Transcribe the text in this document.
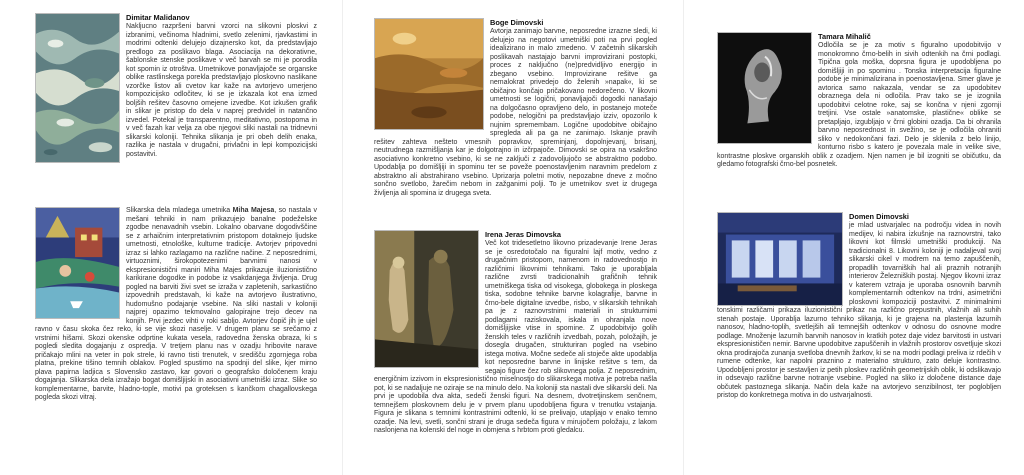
Dimitar Malidanov
Nakljucno razpršeni barvni vzorci na slikovni ploskvi z izbranimi, večinoma hladnimi, svetlo zelenimi, rjavkastimi in modrimi odtenki delujejo dizajnersko kot, da predstavljajo predlogo za poslikavo blaga. Asociacija na dekorativne, šablonske stenske poslikave v več barvah se mi je porodila kot spomin iz otroštva. Umetnikove ponavljajoče se organske oblike rastlinskega porekla predstavljajo ploskovno naslikane vzorčke listov ali cvetov kar kaže na avtorjevo umerjeno kompozicijsko odločitev, ki se je izkazala kot ena izmed boljših rešitev časovno omejene izvedbe. Kot izkušen grafik in slikar je pristop do dela v naprej predvidel in natančno izvedel. Potekal je transparentno, meditativno, postopoma in v več fazah kar velja za obe njegovi sliki nastali na tridnevni slikarski koloniji. Tehnika slikanja je pri obeh delih enaka, razlika je nastala v drugačni, privlačni in lepi kompozicijski postavitvi.
Slikarska dela mladega umetnika Miha Majesa, so nastala v mešani tehniki in nam prikazujejo banalne podeželske zgodbe nenavadnih vsebin. Lokalno obarvane dogodivščine se z arhaičnim interpretativnim pristopom dotaknejo ljudske umetnosti, etnološke, kulturne tradicije. Avtorjev pripovedni izraz si lahko razlagamo na različne načine. Z neposrednimi, virtuoznimi, širokopotezenimi barvnimi nanosi v ekspresionistični maniri Miha Majes prikazuje iluzionistično karikirane dogodke in podobe iz vsakdanjega življenja. Drug pogled na barviti živi svet se izraža v zapletenih, sarkastično izpovednih predstavah, ki kaže na avtorjevo ilustrativno, hudomušno podajanje vsebine. Na sliki nastali v koloniji najprej opazimo tekmovalno galopirajne trejo decev na konjih. Prvi jezdec vihti v roki sabljo. Avtorjev čopič jih je ujel ravno v času skoka čez reko, ki se vije skozi naselje. V drugem planu se srečamo z vrstnimi hišami. Skozi okenske odprtine kukata vesela, radovedna ženska obraza, ki s pogledi sledita dogajanju z ospredja. V tretjem planu nas v ozadju hribovite narave pričakajo mlini na veter in pok strele, ki ravno tisti trenutek, v središču zgornjega roba platna, prekine tišino temnih oblakov. Pogled spustimo na spodnji del slike, kjer mirno plava papirna ladjica s Slovensko zastavo, kar govori o geografsko določenem kraju dogajanja. Slikarska dela izražajo bogat domišljijski in asociativni umetniški izraz. Slike so komplementarne, barvite, hladno-tople, motivi pa groteksen s kančkom chagallovskega pogleda skozi vitraj.
Boge Dimovski
Avtorja zanimajo barvne, neposredne izrazne sledi, ki delujejo na negotovi umetniški poti na prvi pogled idealizirano in malo zmedeno. V začetnih slikarskih poslikavah nastajajo barvni improvizirani postopki, proces z naključno (ne)predvidljivo energijo in zbegano vsebino. Improvizirane rešitve ga nemalokrat privedejo do želenih »napak«, ki se običajno končajo pričakovano nedorečeno. V likovni umetnosti se logični, ponavljajoči dogodki nanašajo na dolgočasno opravljeno delo, in postanejo motеče podobe, nelogični pa predstavljajo izziv, opozorilo k nujnim spremembam. Logične upodobitve običajno spregleda ali pa ga ne zanimajo. Iskanje pravih rešitev zahteva nešteto vmesnih popravkov, spreminjanj, dopolnjevanj, brisanj, neutrudnega razmišljanja kar je dolgotrajno in izčrpajoče. Dimovski se opira na vsakršno asociativno konkretno vsebino, ki se ne zaključi z zadovoljujočo se abstraktno podobo. Upodablja po domišljiji in spominu ter se poveže poenostavljenim naravnim predelom z abstraktno ali abstrahirano vsebino. Uprizarja poletni motiv, nepozabne dneve z močno sončno svetlobo, žarečim nebom in zažganimi polji. To je umetnikov svet iz drugega življenja ali spomina iz drugega sveta.
Irena Jeras Dimovska
Več kot tridesetletno likovno prizadevanje Irene Jeras se je osredotočalo na figuralni lajf motiv, vedno z drugačnim pristopom, namenom in radovednostjo in različnimi likovnimi tehnikami. Tako je uporabljala različne zvrsti tradicionalnih grafičnih tehnik umetniškega tiska od visokega, globokega in ploskega tiska, sodobne tehnike barvne kolagrafije, barvne in črno-bele digitalne izvedbe, risbo, v slikarskih tehnikah pa je z raznovrstnimi materiali in strukturnimi podlagami raziskovala, iskala in ohranjala nove domišljijske vtise in spomine. Z upodobitvijo golih ženskih teles v različnih izvedbah, pozah, položajih, je dosegla drugačen, strukturiran pogled na vsebino istega motiva. Močne sedeče ali stoječe akte upodablja kot neposredne barvne in linijske rešitve s tem, da segajo figure čez rob slikovnega polja. Z neposrednim, energičnim izzivom in ekspresionistično miselnostjo do slikarskega motiva je potreba našla pot, ki se nadaljuje ne oziraje se na minulo delo. Na koloniji sta nastali dve slikarski deli. Na prvi je upodobila dva akta, sedeči ženski figuri. Na desnem, dvotretjinskem senčnem, temnejšem ploskovnem delu je v prvem planu upodobljena figura v trenutku vstajanja. Figura je slikana s temnimi kontrastnimi odtenki, ki se prelivajo, utapljajo v enako temno ozadje. Na levi, svetli, sončni strani je druga sedeča figura v mirujočem položaju, z lakom naslonjena na kolenski del noge in obmjena s hrbtom proti gledalcu.
Tamara Mihalič
Odločila se je za motiv s figuralno upodobitvijo v monokromno črno-belih in sivih odtenkih na črni podlagi. Tipična gola moška, doprsna figura je upodobljena po domišljiji in po spominu . Tonska interpretacija figuralne podobe je minimalizirana in poenostavljena. Smer glave je avtorica samo nakazala, vendar se za upodobitev obraznega dela ni odločila. Prav tako se je izognila upodobitvi celotne roke, saj se končna v njeni zgornji tretjini. Vse ostale »anatomske, plastične« oblike se pretapljajo, izgubljajo v črni globini ozadja. Da bi ohranila barvno neposrednost in svežino, se je odločila ohraniti sliko v nedokončani fazi. Delo je sklenila z belo linijo, konturno risbo s katero je povezala male in velike sive, kontrastne ploskve organskih oblik z ozadjem. Njen namen je bil izogniti se običutku, da gledamo fotografski črno-bel posnetek.
Domen Dimovski
je mlad ustvarjalec na področju videa in novih medijev, ki nabira izkušnje na raznovrstni, tako likovni kot filmski umetniški produkciji. Na tradicionalni 8. Likovni koloniji je nadaljeval svoj slikarski cikel v modrem na temo zapuščenih, propadlih tovarniških hal ali praznih notranjih interierov Železniških postaj. Njegov likovni izraz v katerem vztraja je uporaba osnovnih barvnih komplementarnih odtenkov na trdni, asimetrični ploskovni kompoziciji postavitvi. Z minimalnimi tonskimi različami prikaza iluzionistični prikaz na različno prepustnih, vlažnih ali suhih stenah postaje. Uporablja lazurno tehniko slikanja, ki je grajena na plastenja lazurnih nanosov, hladno-toplih, svetlejših ali temnejših odtenkov v odnosu do osnovne modre podlage. Množenje lazurnih barvnih nanosov in kratkih potez daje videz barvitosti in ustvari ekspresionističen nemir. Barvne upodobitve zapuščenih in vlažnih prostorov osvetljuje skozi okna prodirajoča zunanja svetloba dnevnih žarkov, ki se na modri podlagi preliva iz rdečih v rumene odtenke, kar napolni praznino z materialno strukturo, zato deluje kontrastno. Upodobljeni prostor je sestavljen iz petih ploskev različnih geometrijskih oblik, ki odslikavajo in odsevajo različne barvne notranje vsebine. Pogled na sliko iz določene distance daje občutek pastoznega slikanja. Način dela kaže na avtorjevo senzibilnost, ter poglobljen pristop do konkretnega motiva in do ustvarjalnosti.
